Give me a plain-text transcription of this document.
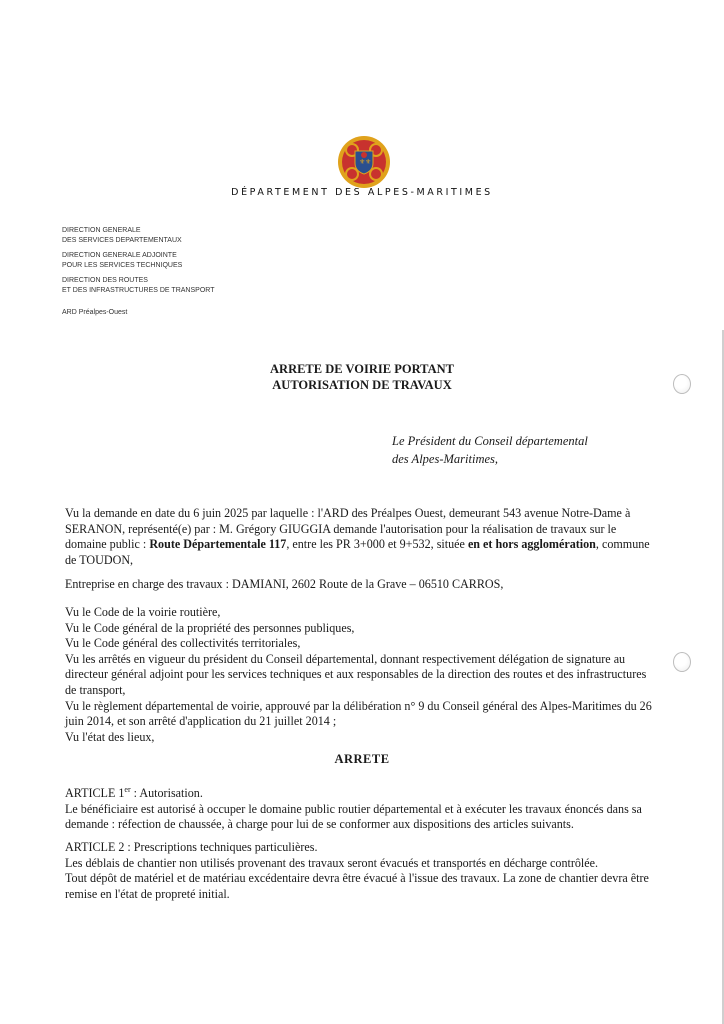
⚜ ⚜
DÉPARTEMENT DES ALPES-MARITIMES
DIRECTION GENERALE
DES SERVICES DEPARTEMENTAUX
DIRECTION GENERALE ADJOINTE
POUR LES SERVICES TECHNIQUES
DIRECTION DES ROUTES
ET DES INFRASTRUCTURES DE TRANSPORT
ARD Préalpes-Ouest
ARRETE DE VOIRIE PORTANT
AUTORISATION DE TRAVAUX
Le Président du Conseil départemental
des Alpes-Maritimes,

Vu la demande en date du 6 juin 2025 par laquelle : l'ARD des Préalpes Ouest, demeurant 543 avenue Notre-Dame à SERANON, représenté(e) par : M. Grégory GIUGGIA demande l'autorisation pour la réalisation de travaux sur le domaine public : Route Départementale 117, entre les PR 3+000 et 9+532, située en et hors agglomération, commune de TOUDON,

Entreprise en charge des travaux : DAMIANI, 2602 Route de la Grave – 06510 CARROS,

Vu le Code de la voirie routière,

Vu le Code général de la propriété des personnes publiques,

Vu le Code général des collectivités territoriales,

Vu les arrêtés en vigueur du président du Conseil départemental, donnant respectivement délégation de signature au directeur général adjoint pour les services techniques et aux responsables de la direction des routes et des infrastructures de transport,

Vu le règlement départemental de voirie, approuvé par la délibération n° 9 du Conseil général des Alpes-Maritimes du 26 juin 2014, et son arrêté d'application du 21 juillet 2014 ;

Vu l'état des lieux,

ARRETE

ARTICLE 1er : Autorisation.

Le bénéficiaire est autorisé à occuper le domaine public routier départemental et à exécuter les travaux énoncés dans sa demande : réfection de chaussée, à charge pour lui de se conformer aux dispositions des articles suivants.

ARTICLE 2 : Prescriptions techniques particulières.

Les déblais de chantier non utilisés provenant des travaux seront évacués et transportés en décharge contrôlée.

Tout dépôt de matériel et de matériau excédentaire devra être évacué à l'issue des travaux. La zone de chantier devra être remise en l'état de propreté initial.
